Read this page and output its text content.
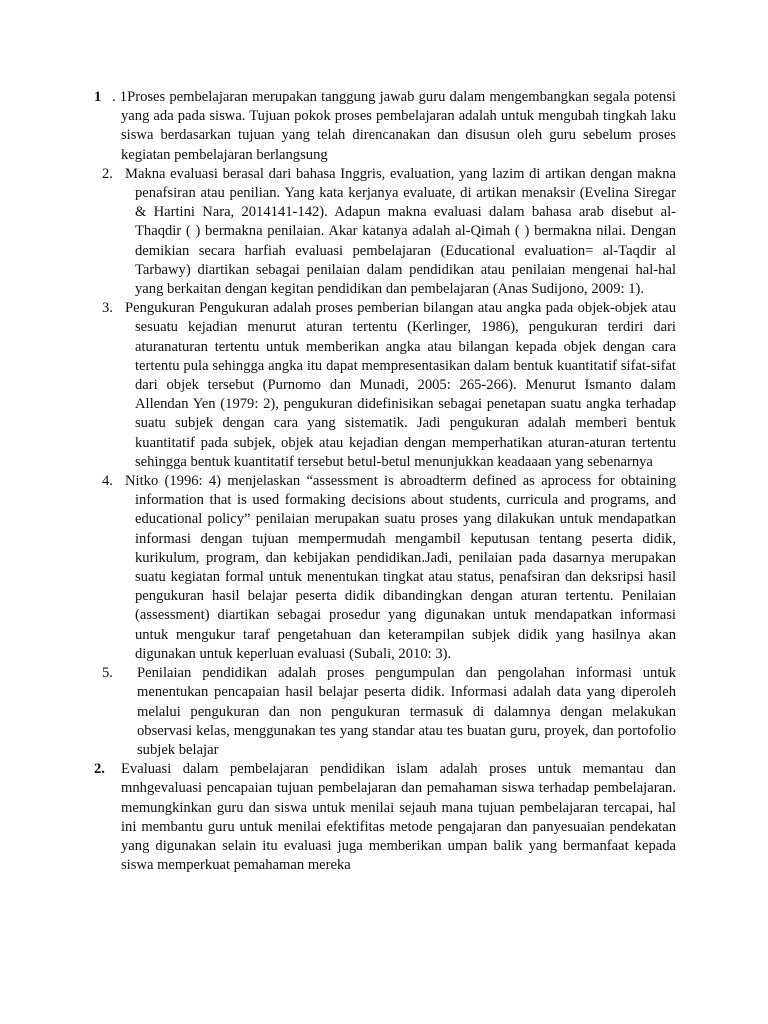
1 . 1Proses pembelajaran merupakan tanggung jawab guru dalam mengembangkan segala potensi yang ada pada siswa. Tujuan pokok proses pembelajaran adalah untuk mengubah tingkah laku siswa berdasarkan tujuan yang telah direncanakan dan disusun oleh guru sebelum proses kegiatan pembelajaran berlangsung
2. Makna evaluasi berasal dari bahasa Inggris, evaluation, yang lazim di artikan dengan makna penafsiran atau penilian. Yang kata kerjanya evaluate, di artikan menaksir (Evelina Siregar & Hartini Nara, 2014141-142). Adapun makna evaluasi dalam bahasa arab disebut al-Thaqdir ( ) bermakna penilaian. Akar katanya adalah al-Qimah ( ) bermakna nilai. Dengan demikian secara harfiah evaluasi pembelajaran (Educational evaluation= al-Taqdir al Tarbawy) diartikan sebagai penilaian dalam pendidikan atau penilaian mengenai hal-hal yang berkaitan dengan kegitan pendidikan dan pembelajaran (Anas Sudijono, 2009: 1).
3. Pengukuran Pengukuran adalah proses pemberian bilangan atau angka pada objek-objek atau sesuatu kejadian menurut aturan tertentu (Kerlinger, 1986), pengukuran terdiri dari aturanaturan tertentu untuk memberikan angka atau bilangan kepada objek dengan cara tertentu pula sehingga angka itu dapat mempresentasikan dalam bentuk kuantitatif sifat-sifat dari objek tersebut (Purnomo dan Munadi, 2005: 265-266). Menurut Ismanto dalam Allendan Yen (1979: 2), pengukuran didefinisikan sebagai penetapan suatu angka terhadap suatu subjek dengan cara yang sistematik. Jadi pengukuran adalah memberi bentuk kuantitatif pada subjek, objek atau kejadian dengan memperhatikan aturan-aturan tertentu sehingga bentuk kuantitatif tersebut betul-betul menunjukkan keadaaan yang sebenarnya
4. Nitko (1996: 4) menjelaskan “assessment is abroadterm defined as aprocess for obtaining information that is used formaking decisions about students, curricula and programs, and educational policy” penilaian merupakan suatu proses yang dilakukan untuk mendapatkan informasi dengan tujuan mempermudah mengambil keputusan tentang peserta didik, kurikulum, program, dan kebijakan pendidikan.Jadi, penilaian pada dasarnya merupakan suatu kegiatan formal untuk menentukan tingkat atau status, penafsiran dan deksripsi hasil pengukuran hasil belajar peserta didik dibandingkan dengan aturan tertentu. Penilaian (assessment) diartikan sebagai prosedur yang digunakan untuk mendapatkan informasi untuk mengukur taraf pengetahuan dan keterampilan subjek didik yang hasilnya akan digunakan untuk keperluan evaluasi (Subali, 2010: 3).
5. Penilaian pendidikan adalah proses pengumpulan dan pengolahan informasi untuk menentukan pencapaian hasil belajar peserta didik. Informasi adalah data yang diperoleh melalui pengukuran dan non pengukuran termasuk di dalamnya dengan melakukan observasi kelas, menggunakan tes yang standar atau tes buatan guru, proyek, dan portofolio subjek belajar
2. Evaluasi dalam pembelajaran pendidikan islam adalah proses untuk memantau dan mnhgevaluasi pencapaian tujuan pembelajaran dan pemahaman siswa terhadap pembelajaran. memungkinkan guru dan siswa untuk menilai sejauh mana tujuan pembelajaran tercapai, hal ini membantu guru untuk menilai efektifitas metode pengajaran dan panyesuaian pendekatan yang digunakan selain itu evaluasi juga memberikan umpan balik yang bermanfaat kepada siswa memperkuat pemahaman mereka
